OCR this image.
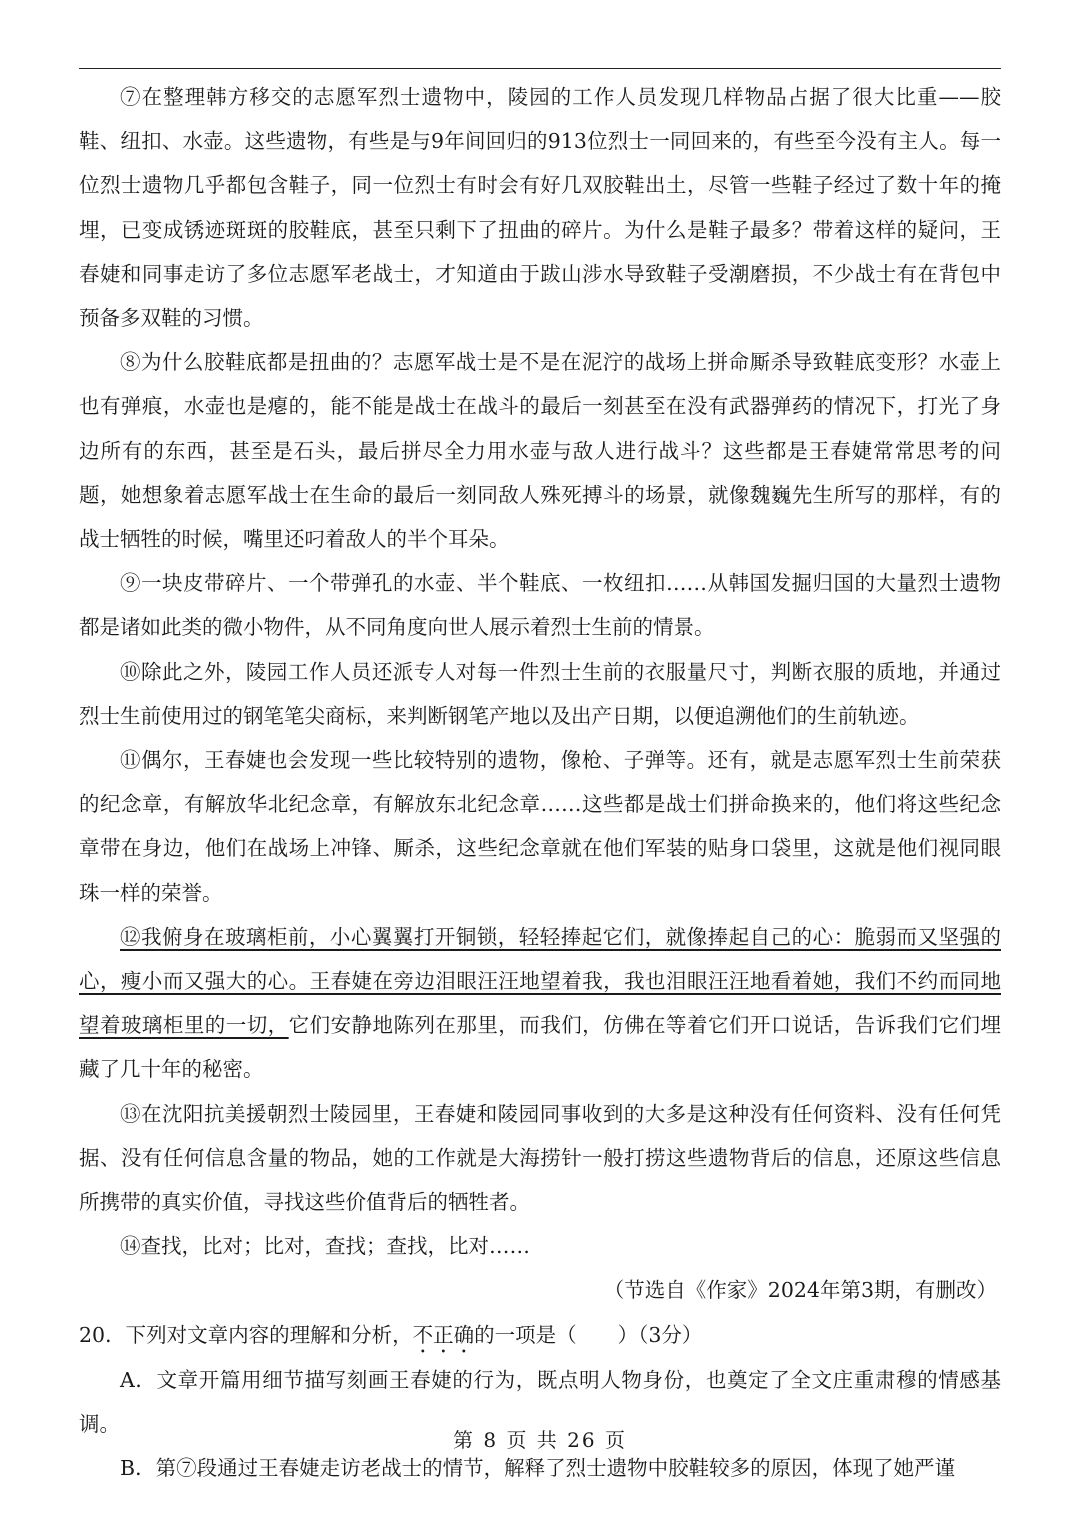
⑦在整理韩方移交的志愿军烈士遗物中，陵园的工作人员发现几样物品占据了很大比重——胶鞋、纽扣、水壶。这些遗物，有些是与9年间回归的913位烈士一同回来的，有些至今没有主人。每一位烈士遗物几乎都包含鞋子，同一位烈士有时会有好几双胶鞋出土，尽管一些鞋子经过了数十年的掩埋，已变成锈迹斑斑的胶鞋底，甚至只剩下了扭曲的碎片。为什么是鞋子最多？带着这样的疑问，王春婕和同事走访了多位志愿军老战士，才知道由于跋山涉水导致鞋子受潮磨损，不少战士有在背包中预备多双鞋的习惯。

⑧为什么胶鞋底都是扭曲的？志愿军战士是不是在泥泞的战场上拼命厮杀导致鞋底变形？水壶上也有弹痕，水壶也是瘪的，能不能是战士在战斗的最后一刻甚至在没有武器弹药的情况下，打光了身边所有的东西，甚至是石头，最后拼尽全力用水壶与敌人进行战斗？这些都是王春婕常常思考的问题，她想象着志愿军战士在生命的最后一刻同敌人殊死搏斗的场景，就像魏巍先生所写的那样，有的战士牺牲的时候，嘴里还叼着敌人的半个耳朵。

⑨一块皮带碎片、一个带弹孔的水壶、半个鞋底、一枚纽扣……从韩国发掘归国的大量烈士遗物都是诸如此类的微小物件，从不同角度向世人展示着烈士生前的情景。

⑩除此之外，陵园工作人员还派专人对每一件烈士生前的衣服量尺寸，判断衣服的质地，并通过烈士生前使用过的钢笔笔尖商标，来判断钢笔产地以及出产日期，以便追溯他们的生前轨迹。

⑪偶尔，王春婕也会发现一些比较特别的遗物，像枪、子弹等。还有，就是志愿军烈士生前荣获的纪念章，有解放华北纪念章，有解放东北纪念章……这些都是战士们拼命换来的，他们将这些纪念章带在身边，他们在战场上冲锋、厮杀，这些纪念章就在他们军装的贴身口袋里，这就是他们视同眼珠一样的荣誉。

⑫我俯身在玻璃柜前，小心翼翼打开铜锁，轻轻捧起它们，就像捧起自己的心：脆弱而又坚强的心，瘦小而又强大的心。王春婕在旁边泪眼汪汪地望着我，我也泪眼汪汪地看着她，我们不约而同地望着玻璃柜里的一切，它们安静地陈列在那里，而我们，仿佛在等着它们开口说话，告诉我们它们埋藏了几十年的秘密。

⑬在沈阳抗美援朝烈士陵园里，王春婕和陵园同事收到的大多是这种没有任何资料、没有任何凭据、没有任何信息含量的物品，她的工作就是大海捞针一般打捞这些遗物背后的信息，还原这些信息所携带的真实价值，寻找这些价值背后的牺牲者。

⑭查找，比对；比对，查找；查找，比对……

（节选自《作家》2024年第3期，有删改）

20．下列对文章内容的理解和分析，不正确的一项是（　　）（3分）

A．文章开篇用细节描写刻画王春婕的行为，既点明人物身份，也奠定了全文庄重肃穆的情感基调。

B．第⑦段通过王春婕走访老战士的情节，解释了烈士遗物中胶鞋较多的原因，体现了她严谨

第 8 页 共 26 页
